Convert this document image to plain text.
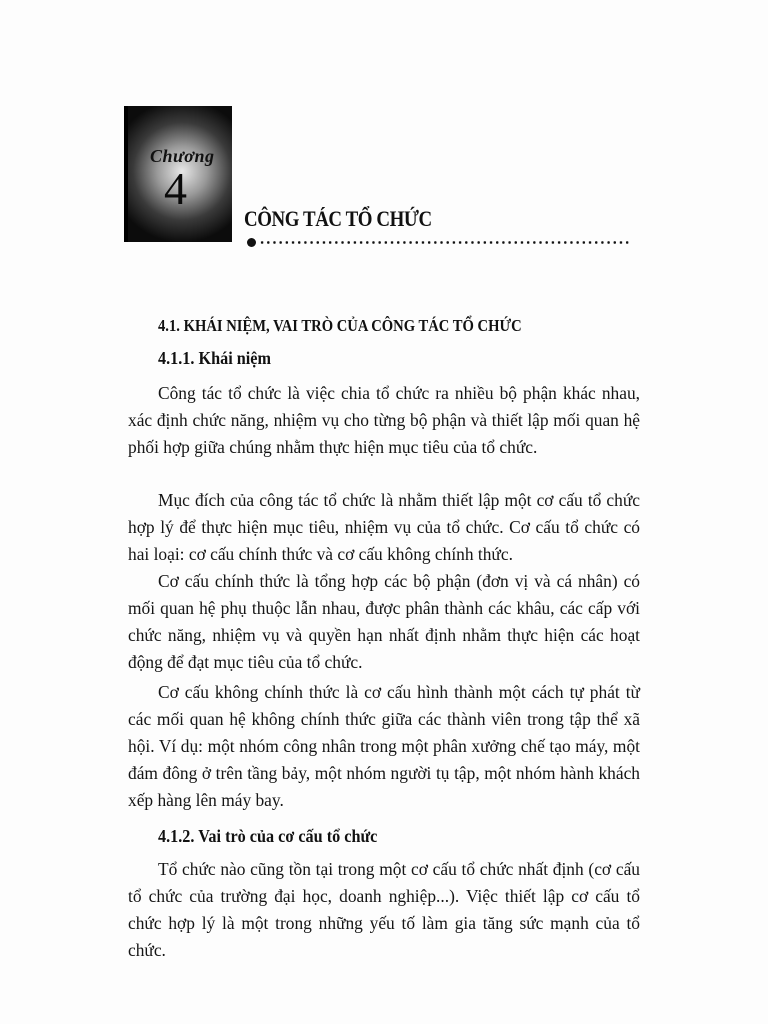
Chương
4
CÔNG TÁC TỔ CHỨC
4.1. KHÁI NIỆM, VAI TRÒ CỦA CÔNG TÁC TỔ CHỨC
4.1.1. Khái niệm

Công tác tổ chức là việc chia tổ chức ra nhiều bộ phận khác nhau, xác định chức năng, nhiệm vụ cho từng bộ phận và thiết lập mối quan hệ phối hợp giữa chúng nhằm thực hiện mục tiêu của tổ chức.

Mục đích của công tác tổ chức là nhằm thiết lập một cơ cấu tổ chức hợp lý để thực hiện mục tiêu, nhiệm vụ của tổ chức. Cơ cấu tổ chức có hai loại: cơ cấu chính thức và cơ cấu không chính thức.

Cơ cấu chính thức là tổng hợp các bộ phận (đơn vị và cá nhân) có mối quan hệ phụ thuộc lẫn nhau, được phân thành các khâu, các cấp với chức năng, nhiệm vụ và quyền hạn nhất định nhằm thực hiện các hoạt động để đạt mục tiêu của tổ chức.

Cơ cấu không chính thức là cơ cấu hình thành một cách tự phát từ các mối quan hệ không chính thức giữa các thành viên trong tập thể xã hội. Ví dụ: một nhóm công nhân trong một phân xưởng chế tạo máy, một đám đông ở trên tầng bảy, một nhóm người tụ tập, một nhóm hành khách xếp hàng lên máy bay.

4.1.2. Vai trò của cơ cấu tổ chức

Tổ chức nào cũng tồn tại trong một cơ cấu tổ chức nhất định (cơ cấu tổ chức của trường đại học, doanh nghiệp...). Việc thiết lập cơ cấu tổ chức hợp lý là một trong những yếu tố làm gia tăng sức mạnh của tổ chức.
